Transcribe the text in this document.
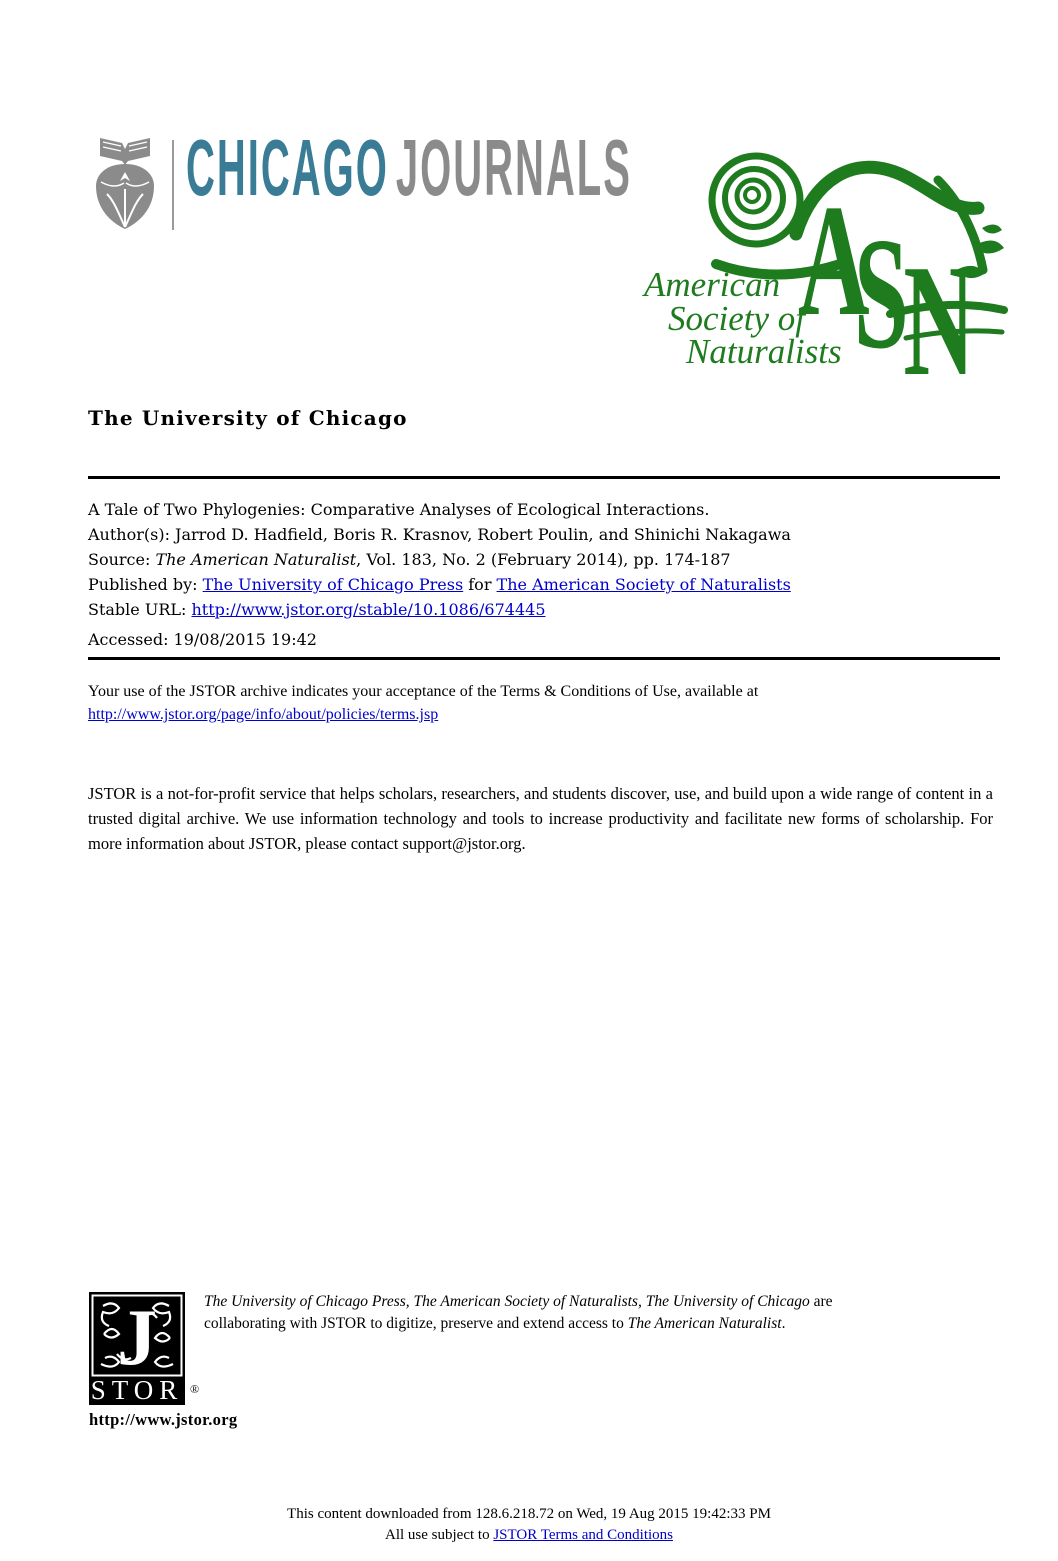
CHICAGOJOURNALS
A
S
N
American
Society of
Naturalists
The University of Chicago
A Tale of Two Phylogenies: Comparative Analyses of Ecological Interactions.
Author(s): Jarrod D. Hadfield, Boris R. Krasnov, Robert Poulin, and Shinichi Nakagawa
Source: The American Naturalist, Vol. 183, No. 2 (February 2014), pp. 174-187
Published by: The University of Chicago Press for The American Society of Naturalists
Stable URL: http://www.jstor.org/stable/10.1086/674445
Accessed: 19/08/2015 19:42
Your use of the JSTOR archive indicates your acceptance of the Terms & Conditions of Use, available at
http://www.jstor.org/page/info/about/policies/terms.jsp

JSTOR is a not-for-profit service that helps scholars, researchers, and students discover, use, and build upon a wide range of content in a trusted digital archive. We use information technology and tools to increase productivity and facilitate new forms of scholarship. For more information about JSTOR, please contact support@jstor.org.

J
STOR ®
The University of Chicago Press, The American Society of Naturalists, The University of Chicago are
collaborating with JSTOR to digitize, preserve and extend access to The American Naturalist.
http://www.jstor.org
This content downloaded from 128.6.218.72 on Wed, 19 Aug 2015 19:42:33 PM
All use subject to JSTOR Terms and Conditions
